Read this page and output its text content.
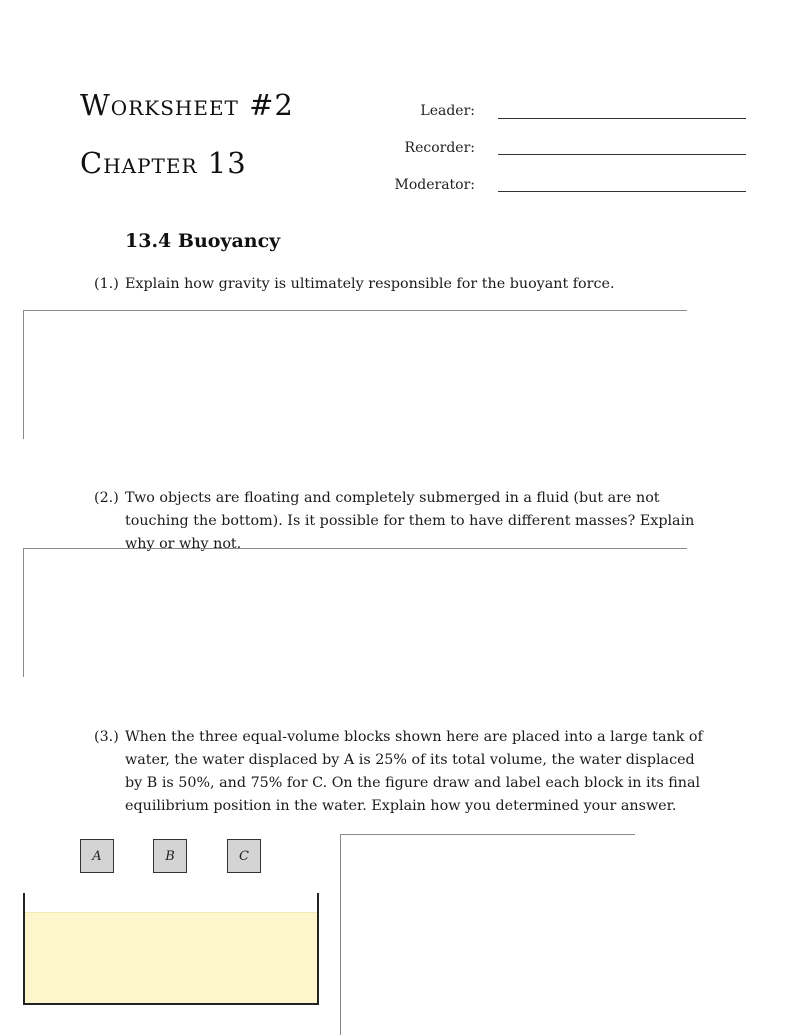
Worksheet #2
Chapter 13
Leader:
Recorder:
Moderator:
13.4 Buoyancy
(1.) Explain how gravity is ultimately responsible for the buoyant force.
(2.) Two objects are floating and completely submerged in a fluid (but are not touching the bottom). Is it possible for them to have different masses? Explain why or why not.
(3.) When the three equal-volume blocks shown here are placed into a large tank of water, the water displaced by A is 25% of its total volume, the water displaced by B is 50%, and 75% for C. On the figure draw and label each block in its final equilibrium position in the water. Explain how you determined your answer.
A	B	C
